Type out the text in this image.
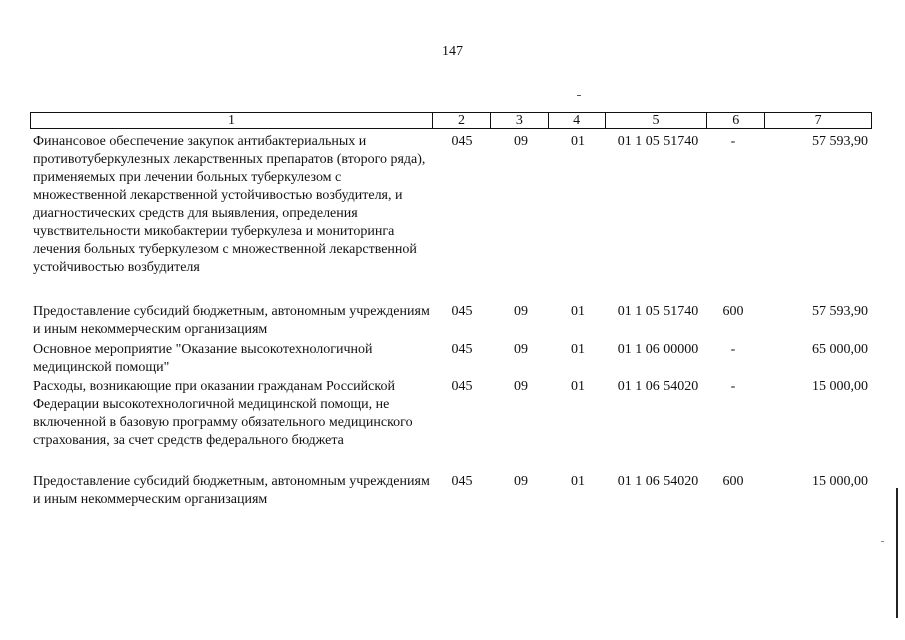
147
1	2	3	4	5	6	7
Финансовое обеспечение закупок антибактериальных и противотуберкулезных лекарственных препаратов (второго ряда), применяемых при лечении больных туберкулезом с множественной лекарственной устойчивостью возбудителя, и диагностических средств для выявления, определения чувствительности микобактерии туберкулеза и мониторинга лечения больных туберкулезом с множественной лекарственной устойчивостью возбудителя
045	09	01	01 1 05 51740	-	57 593,90
Предоставление субсидий бюджетным, автономным учреждениям и иным некоммерческим организациям
045	09	01	01 1 05 51740	600	57 593,90
Основное мероприятие "Оказание высокотехнологичной медицинской помощи"
045	09	01	01 1 06 00000	-	65 000,00
Расходы, возникающие при оказании гражданам Российской Федерации высокотехнологичной медицинской помощи, не включенной в базовую программу обязательного медицинского страхования, за счет средств федерального бюджета
045	09	01	01 1 06 54020	-	15 000,00
Предоставление субсидий бюджетным, автономным учреждениям и иным некоммерческим организациям
045	09	01	01 1 06 54020	600	15 000,00
